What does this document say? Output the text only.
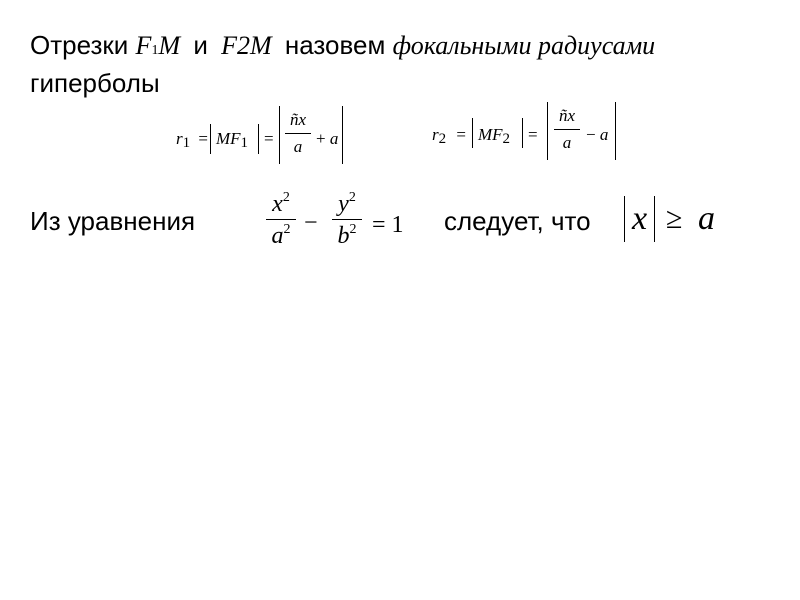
Отрезки F1M и F2M назовем фокальными радиусами
гиперболы
r1 = MF1 =
ñx
a + a	r2 = MF2 =
ñx
a − a
Из уравнения
$x^2$
$a^2$ −
$y^2$
$b^2 = 1$ следует, что x ≥ a
